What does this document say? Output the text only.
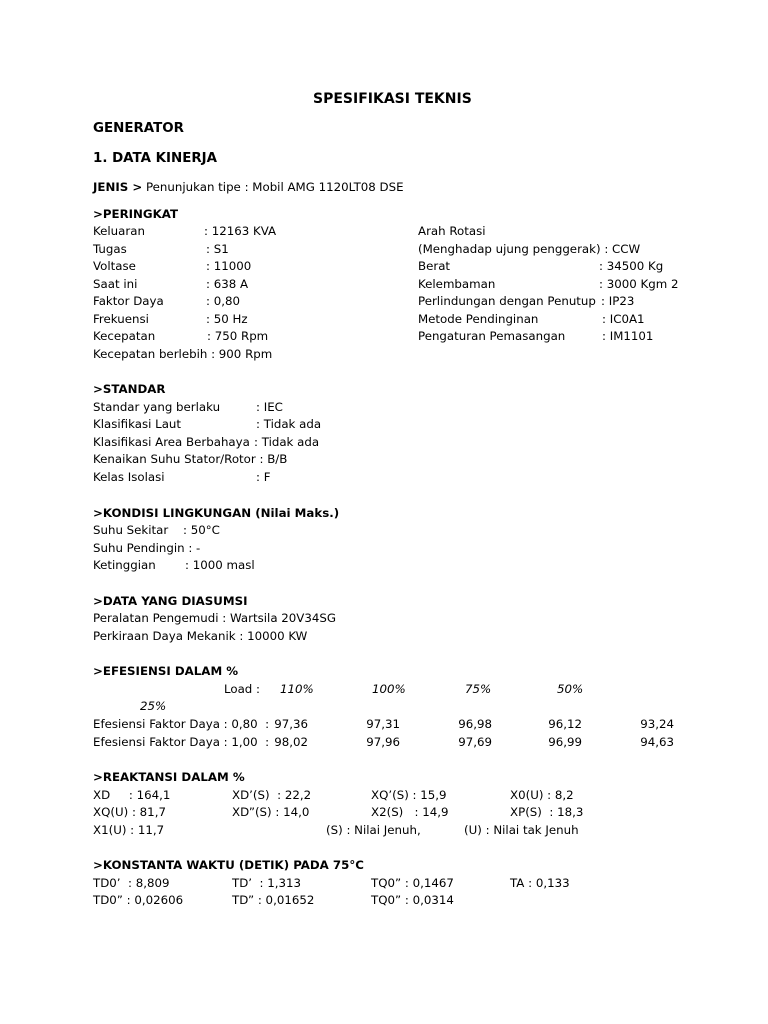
SPESIFIKASI TEKNIS
GENERATOR
1. DATA KINERJA
JENIS > Penunjukan tipe : Mobil AMG 1120LT08 DSE
>PERINGKAT
Keluaran	: 12163 KVA
Tugas	: S1
Voltase	: 11000
Saat ini	: 638 A
Faktor Daya	: 0,80
Frekuensi	: 50 Hz
Kecepatan	: 750 Rpm
Kecepatan berlebih : 900 Rpm
Arah Rotasi
(Menghadap ujung penggerak) : CCW
Berat	: 34500 Kg
Kelembaman	: 3000 Kgm 2
Perlindungan dengan Penutup : IP23
Metode Pendinginan	: IC0A1
Pengaturan Pemasangan	: IM1101
>STANDAR
Standar yang berlaku	: IEC
Klasifikasi Laut	: Tidak ada
Klasifikasi Area Berbahaya : Tidak ada
Kenaikan Suhu Stator/Rotor : B/B
Kelas Isolasi	: F
>KONDISI LINGKUNGAN (Nilai Maks.)
Suhu Sekitar : 50°C
Suhu Pendingin : -
Ketinggian : 1000 masl
>DATA YANG DIASUMSI
Peralatan Pengemudi : Wartsila 20V34SG
Perkiraan Daya Mekanik : 10000 KW
>EFESIENSI DALAM %
Load : 110%	100%	75%	50%
25%
Efesiensi Faktor Daya : 0,80  : 97,36	97,31	96,98	96,12	93,24
Efesiensi Faktor Daya : 1,00  : 98,02	97,96	97,69	96,99	94,63
>REAKTANSI DALAM %
XD     : 164,1	XD’(S)  : 22,2	XQ’(S) : 15,9	X0(U) : 8,2
XQ(U) : 81,7	XD”(S) : 14,0	X2(S)   : 14,9	XP(S)  : 18,3
X1(U) : 11,7	(S) : Nilai Jenuh,	(U) : Nilai tak Jenuh
>KONSTANTA WAKTU (DETIK) PADA 75°C
TD0’  : 8,809	TD’  : 1,313	TQ0” : 0,1467	TA : 0,133
TD0” : 0,02606	TD” : 0,01652	TQ0” : 0,0314
